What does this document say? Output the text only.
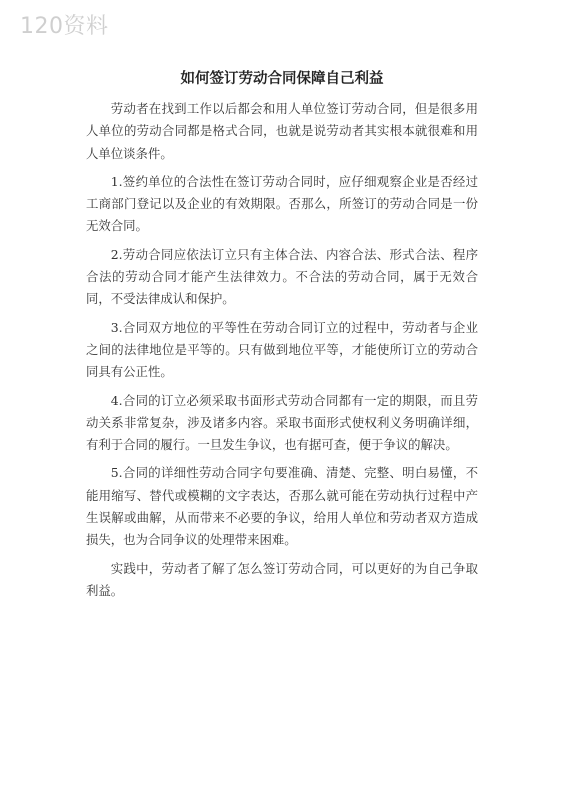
120资料
如何签订劳动合同保障自己利益

劳动者在找到工作以后都会和用人单位签订劳动合同，但是很多用人单位的劳动合同都是格式合同，也就是说劳动者其实根本就很难和用人单位谈条件。

1.签约单位的合法性在签订劳动合同时，应仔细观察企业是否经过工商部门登记以及企业的有效期限。否那么，所签订的劳动合同是一份无效合同。

2.劳动合同应依法订立只有主体合法、内容合法、形式合法、程序合法的劳动合同才能产生法律效力。不合法的劳动合同，属于无效合同，不受法律成认和保护。

3.合同双方地位的平等性在劳动合同订立的过程中，劳动者与企业之间的法律地位是平等的。只有做到地位平等，才能使所订立的劳动合同具有公正性。

4.合同的订立必须采取书面形式劳动合同都有一定的期限，而且劳动关系非常复杂，涉及诸多内容。采取书面形式使权利义务明确详细，有利于合同的履行。一旦发生争议，也有据可查，便于争议的解决。

5.合同的详细性劳动合同字句要准确、清楚、完整、明白易懂，不能用缩写、替代或模糊的文字表达，否那么就可能在劳动执行过程中产生误解或曲解，从而带来不必要的争议，给用人单位和劳动者双方造成损失，也为合同争议的处理带来困难。

实践中，劳动者了解了怎么签订劳动合同，可以更好的为自己争取利益。
